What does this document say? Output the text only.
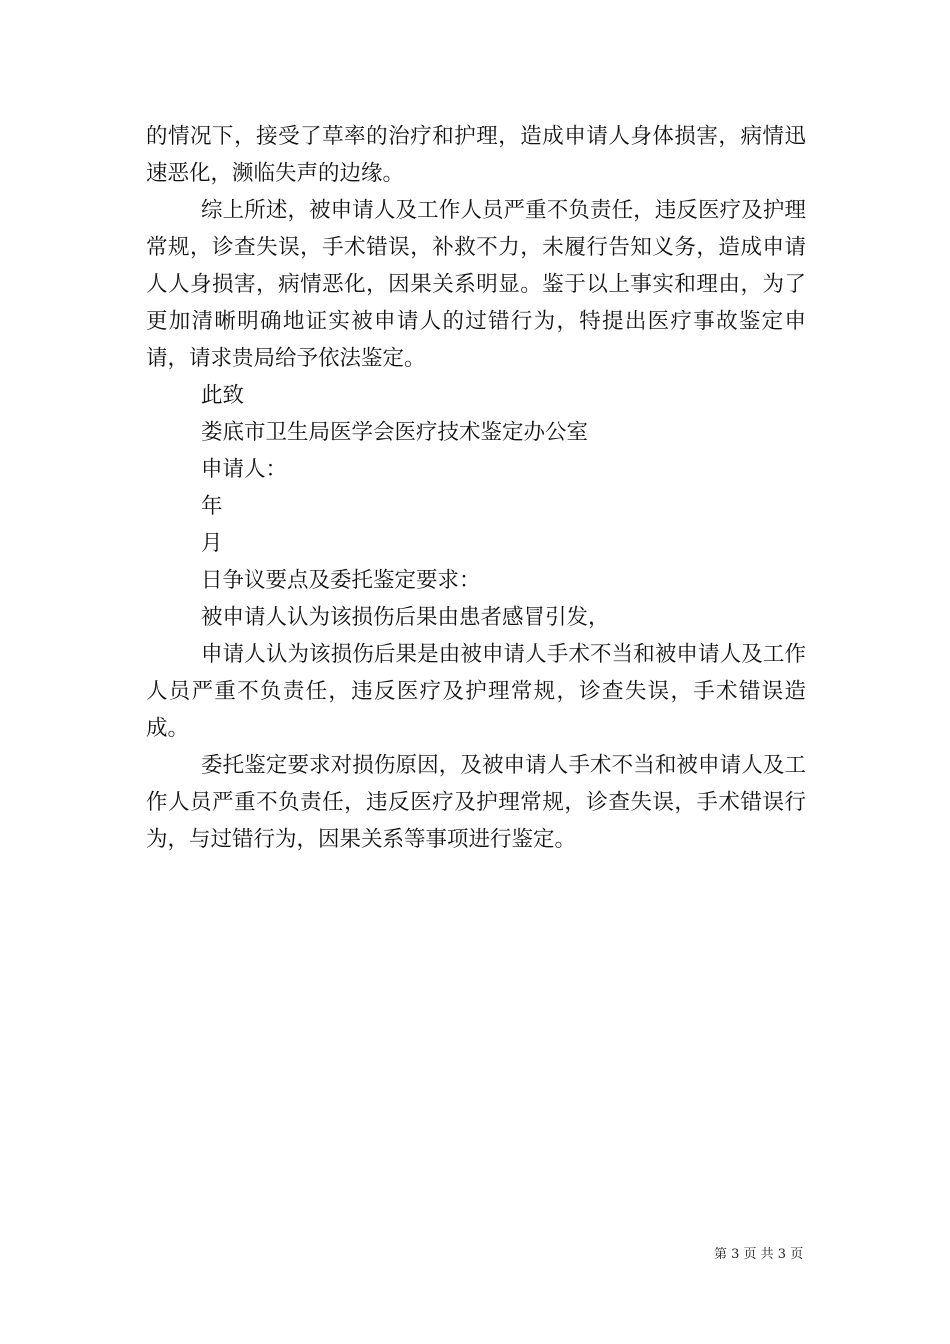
的情况下，接受了草率的治疗和护理，造成申请人身体损害，病情迅速恶化，濒临失声的边缘。

综上所述，被申请人及工作人员严重不负责任，违反医疗及护理常规，诊查失误，手术错误，补救不力，未履行告知义务，造成申请人人身损害，病情恶化，因果关系明显。鉴于以上事实和理由，为了更加清晰明确地证实被申请人的过错行为，特提出医疗事故鉴定申请，请求贵局给予依法鉴定。

此致

娄底市卫生局医学会医疗技术鉴定办公室

申请人：

年

月

日争议要点及委托鉴定要求：

被申请人认为该损伤后果由患者感冒引发，

申请人认为该损伤后果是由被申请人手术不当和被申请人及工作人员严重不负责任，违反医疗及护理常规，诊查失误，手术错误造成。

委托鉴定要求对损伤原因，及被申请人手术不当和被申请人及工作人员严重不负责任，违反医疗及护理常规，诊查失误，手术错误行为，与过错行为，因果关系等事项进行鉴定。

第 3 页 共 3 页
